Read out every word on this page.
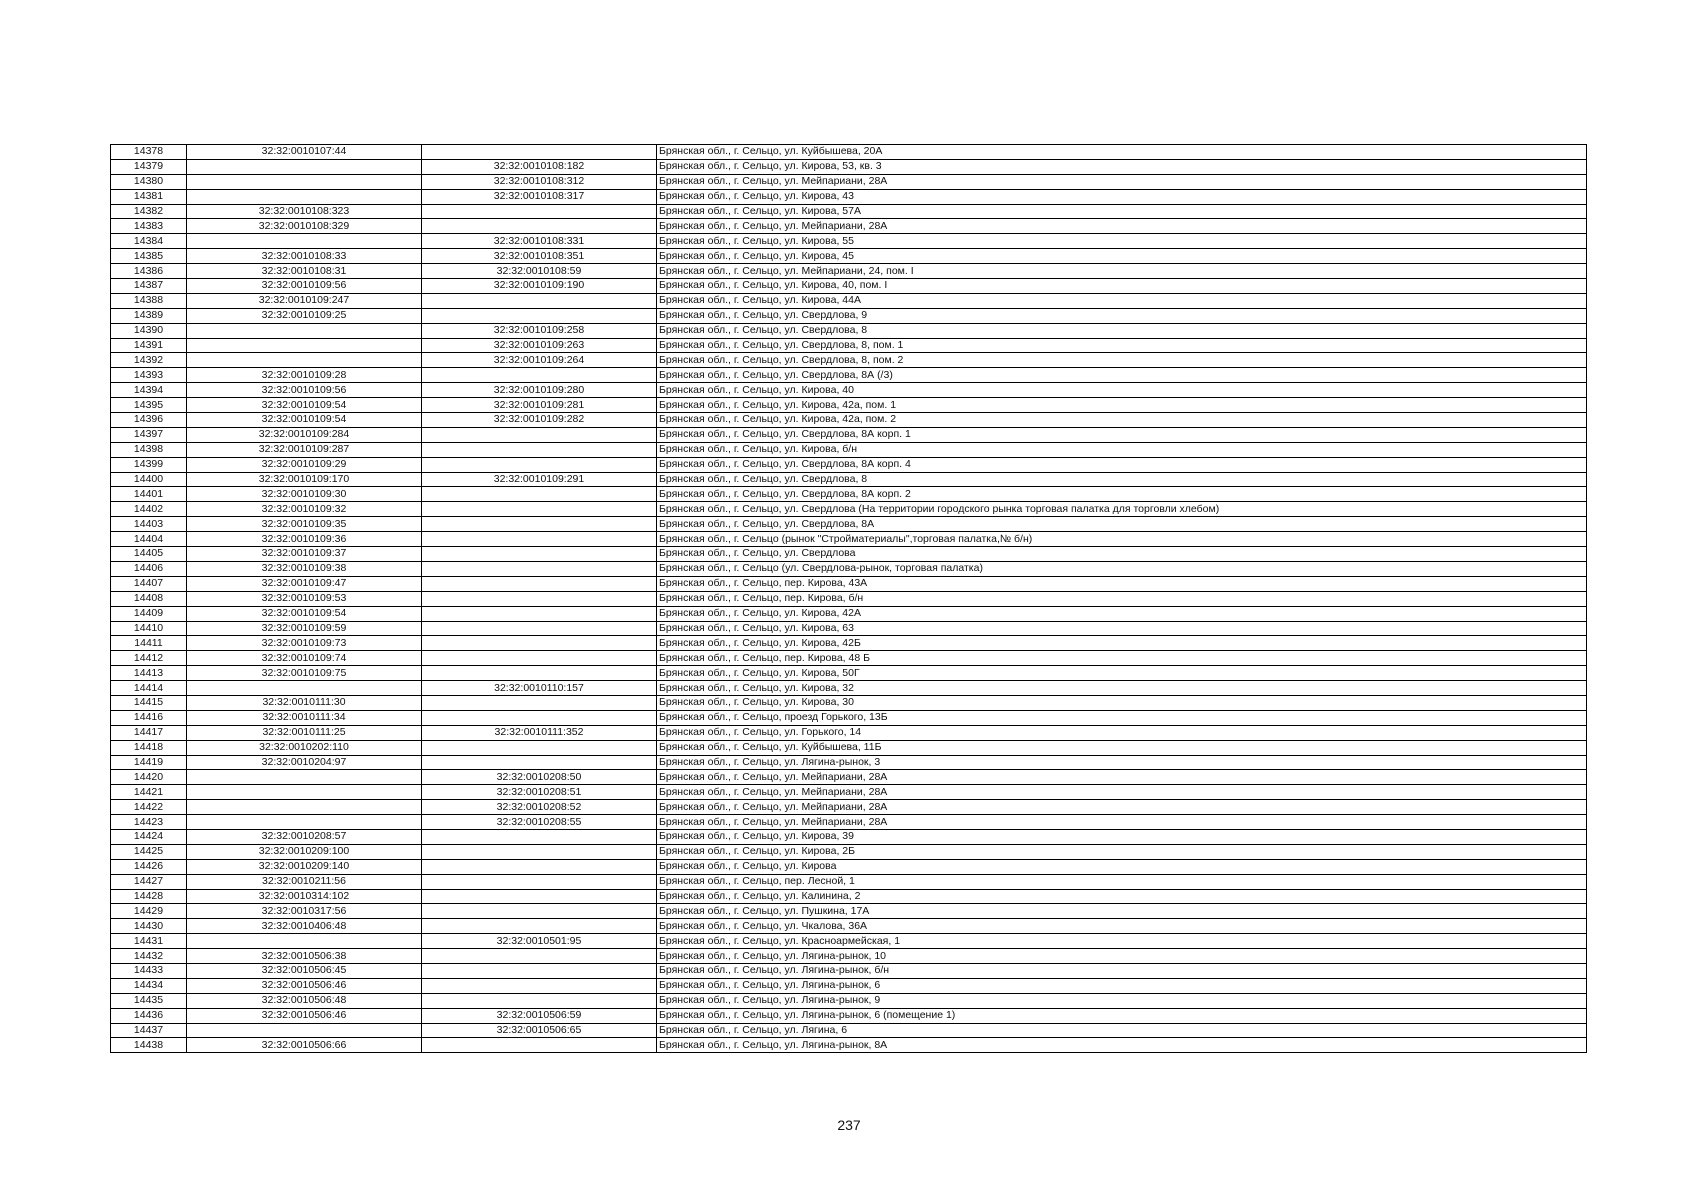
14378	32:32:0010107:44		Брянская обл., г. Сельцо, ул. Куйбышева, 20А
14379		32:32:0010108:182	Брянская обл., г. Сельцо, ул. Кирова, 53, кв. 3
14380		32:32:0010108:312	Брянская обл., г. Сельцо, ул. Мейпариани, 28А
14381		32:32:0010108:317	Брянская обл., г. Сельцо, ул. Кирова, 43
14382	32:32:0010108:323		Брянская обл., г. Сельцо, ул. Кирова, 57А
14383	32:32:0010108:329		Брянская обл., г. Сельцо, ул. Мейпариани, 28А
14384		32:32:0010108:331	Брянская обл., г. Сельцо, ул. Кирова, 55
14385	32:32:0010108:33	32:32:0010108:351	Брянская обл., г. Сельцо, ул. Кирова, 45
14386	32:32:0010108:31	32:32:0010108:59	Брянская обл., г. Сельцо, ул. Мейпариани, 24, пом. I
14387	32:32:0010109:56	32:32:0010109:190	Брянская обл., г. Сельцо, ул. Кирова, 40, пом. I
14388	32:32:0010109:247		Брянская обл., г. Сельцо, ул. Кирова, 44А
14389	32:32:0010109:25		Брянская обл., г. Сельцо, ул. Свердлова, 9
14390		32:32:0010109:258	Брянская обл., г. Сельцо, ул. Свердлова, 8
14391		32:32:0010109:263	Брянская обл., г. Сельцо, ул. Свердлова, 8, пом. 1
14392		32:32:0010109:264	Брянская обл., г. Сельцо, ул. Свердлова, 8, пом. 2
14393	32:32:0010109:28		Брянская обл., г. Сельцо, ул. Свердлова, 8А (/3)
14394	32:32:0010109:56	32:32:0010109:280	Брянская обл., г. Сельцо, ул. Кирова, 40
14395	32:32:0010109:54	32:32:0010109:281	Брянская обл., г. Сельцо, ул. Кирова, 42а, пом. 1
14396	32:32:0010109:54	32:32:0010109:282	Брянская обл., г. Сельцо, ул. Кирова, 42а, пом. 2
14397	32:32:0010109:284		Брянская обл., г. Сельцо, ул. Свердлова, 8А корп. 1
14398	32:32:0010109:287		Брянская обл., г. Сельцо, ул. Кирова, б/н
14399	32:32:0010109:29		Брянская обл., г. Сельцо, ул. Свердлова, 8А корп. 4
14400	32:32:0010109:170	32:32:0010109:291	Брянская обл., г. Сельцо, ул. Свердлова, 8
14401	32:32:0010109:30		Брянская обл., г. Сельцо, ул. Свердлова, 8А корп. 2
14402	32:32:0010109:32		Брянская обл., г. Сельцо, ул. Свердлова (На территории городского рынка торговая палатка для торговли хлебом)
14403	32:32:0010109:35		Брянская обл., г. Сельцо, ул. Свердлова, 8А
14404	32:32:0010109:36		Брянская обл., г. Сельцо (рынок "Стройматериалы",торговая палатка,№ б/н)
14405	32:32:0010109:37		Брянская обл., г. Сельцо, ул. Свердлова
14406	32:32:0010109:38		Брянская обл., г. Сельцо (ул. Свердлова-рынок, торговая палатка)
14407	32:32:0010109:47		Брянская обл., г. Сельцо, пер. Кирова, 43А
14408	32:32:0010109:53		Брянская обл., г. Сельцо, пер. Кирова, б/н
14409	32:32:0010109:54		Брянская обл., г. Сельцо, ул. Кирова, 42А
14410	32:32:0010109:59		Брянская обл., г. Сельцо, ул. Кирова, 63
14411	32:32:0010109:73		Брянская обл., г. Сельцо, ул. Кирова, 42Б
14412	32:32:0010109:74		Брянская обл., г. Сельцо, пер. Кирова, 48 Б
14413	32:32:0010109:75		Брянская обл., г. Сельцо, ул. Кирова, 50Г
14414		32:32:0010110:157	Брянская обл., г. Сельцо, ул. Кирова, 32
14415	32:32:0010111:30		Брянская обл., г. Сельцо, ул. Кирова, 30
14416	32:32:0010111:34		Брянская обл., г. Сельцо, проезд Горького, 13Б
14417	32:32:0010111:25	32:32:0010111:352	Брянская обл., г. Сельцо, ул. Горького, 14
14418	32:32:0010202:110		Брянская обл., г. Сельцо, ул. Куйбышева, 11Б
14419	32:32:0010204:97		Брянская обл., г. Сельцо, ул. Лягина-рынок, 3
14420		32:32:0010208:50	Брянская обл., г. Сельцо, ул. Мейпариани, 28А
14421		32:32:0010208:51	Брянская обл., г. Сельцо, ул. Мейпариани, 28А
14422		32:32:0010208:52	Брянская обл., г. Сельцо, ул. Мейпариани, 28А
14423		32:32:0010208:55	Брянская обл., г. Сельцо, ул. Мейпариани, 28А
14424	32:32:0010208:57		Брянская обл., г. Сельцо, ул. Кирова, 39
14425	32:32:0010209:100		Брянская обл., г. Сельцо, ул. Кирова, 2Б
14426	32:32:0010209:140		Брянская обл., г. Сельцо, ул. Кирова
14427	32:32:0010211:56		Брянская обл., г. Сельцо, пер. Лесной, 1
14428	32:32:0010314:102		Брянская обл., г. Сельцо, ул. Калинина, 2
14429	32:32:0010317:56		Брянская обл., г. Сельцо, ул. Пушкина, 17А
14430	32:32:0010406:48		Брянская обл., г. Сельцо, ул. Чкалова, 36А
14431		32:32:0010501:95	Брянская обл., г. Сельцо, ул. Красноармейская, 1
14432	32:32:0010506:38		Брянская обл., г. Сельцо, ул. Лягина-рынок, 10
14433	32:32:0010506:45		Брянская обл., г. Сельцо, ул. Лягина-рынок, б/н
14434	32:32:0010506:46		Брянская обл., г. Сельцо, ул. Лягина-рынок, 6
14435	32:32:0010506:48		Брянская обл., г. Сельцо, ул. Лягина-рынок, 9
14436	32:32:0010506:46	32:32:0010506:59	Брянская обл., г. Сельцо, ул. Лягина-рынок, 6 (помещение 1)
14437		32:32:0010506:65	Брянская обл., г. Сельцо, ул. Лягина, 6
14438	32:32:0010506:66		Брянская обл., г. Сельцо, ул. Лягина-рынок, 8А
237
